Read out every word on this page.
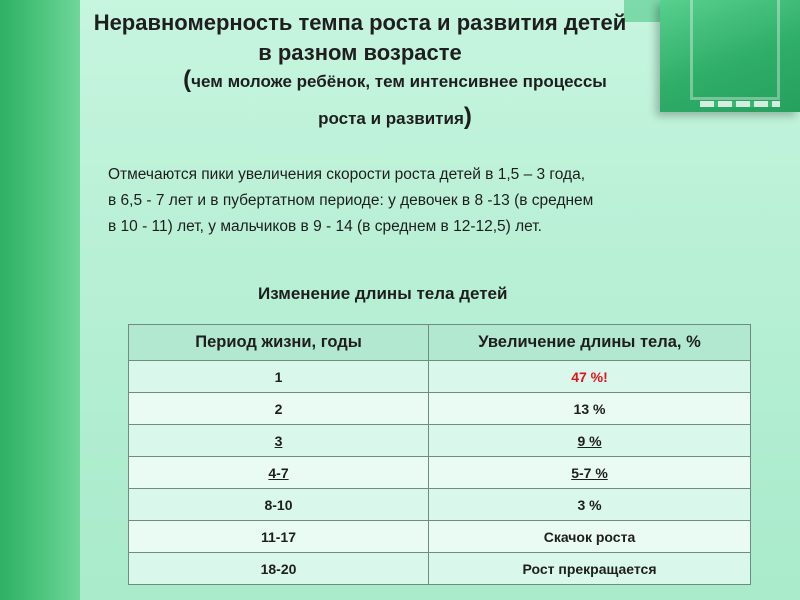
Неравномерность темпа роста и развития детей
в разном возрасте
(чем моложе ребёнок, тем интенсивнее процессы
роста и развития)

Отмечаются пики увеличения скорости роста детей в 1,5 – 3 года,

в 6,5 - 7 лет и в пубертатном периоде: у девочек в 8 -13 (в среднем

в 10 - 11) лет, у мальчиков в 9 - 14 (в среднем в 12-12,5) лет.

Изменение длины тела детей
Период жизни, годы	Увеличение длины тела, %
1	47 %!
2	13 %
3	9 %
4-7	5-7 %
8-10	3 %
11-17	Скачок роста
18-20	Рост прекращается
